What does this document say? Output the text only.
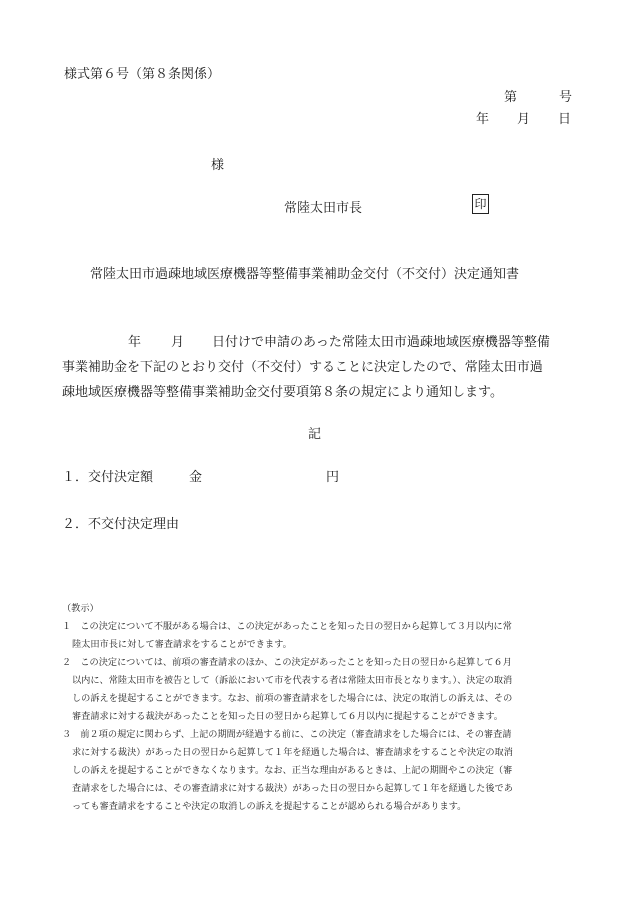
様式第６号（第８条関係）
第	号
年 月 日
様
常陸太田市長	印
常陸太田市過疎地域医療機器等整備事業補助金交付（不交付）決定通知書
年 月 日付けで申請のあった常陸太田市過疎地域医療機器等整備
事業補助金を下記のとおり交付（不交付）することに決定したので、常陸太田市過
疎地域医療機器等整備事業補助金交付要項第８条の規定により通知します。
記
１．交付決定額	金	円
２．不交付決定理由
（教示）
１　この決定について不服がある場合は、この決定があったことを知った日の翌日から起算して３月以内に常
陸太田市長に対して審査請求をすることができます。
２　この決定については、前項の審査請求のほか、この決定があったことを知った日の翌日から起算して６月
以内に、常陸太田市を被告として（訴訟において市を代表する者は常陸太田市長となります。）、決定の取消
しの訴えを提起することができます。なお、前項の審査請求をした場合には、決定の取消しの訴えは、その
審査請求に対する裁決があったことを知った日の翌日から起算して６月以内に提起することができます。
３　前２項の規定に関わらず、上記の期間が経過する前に、この決定（審査請求をした場合には、その審査請
求に対する裁決）があった日の翌日から起算して１年を経過した場合は、審査請求をすることや決定の取消
しの訴えを提起することができなくなります。なお、正当な理由があるときは、上記の期間やこの決定（審
査請求をした場合には、その審査請求に対する裁決）があった日の翌日から起算して１年を経過した後であ
っても審査請求をすることや決定の取消しの訴えを提起することが認められる場合があります。
